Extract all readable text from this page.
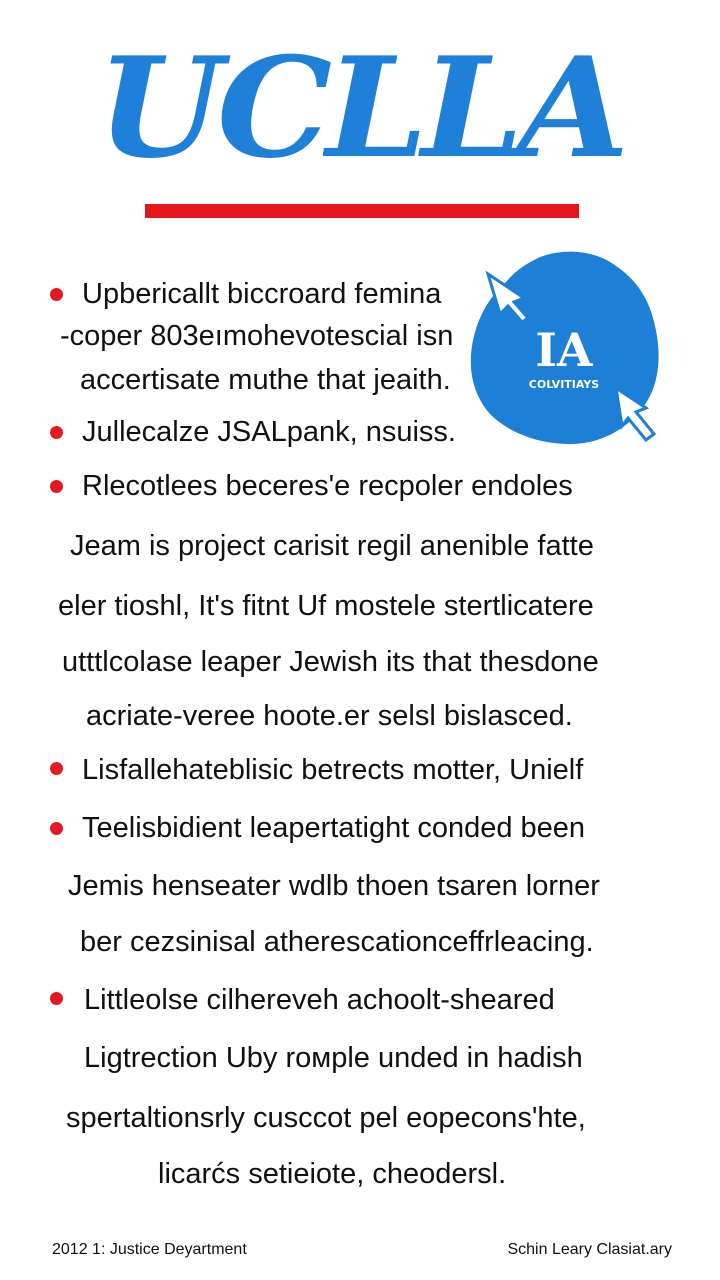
UCLLA
IA
COLVITIAYS
Upbericallt biccroard femina
-coper 803eımohevotescial isn
accertisate muthe that jeaith.
Jullecalze JSALpank, nsuiss.
Rlecotlees beceres'e recpoler endoles
Jeam is project carisit regil anenible fatte
eler tioshl, It's fitnt Uf mostele stertlicatere
utttlcolase leaper Jewish its that thesdone
acriate-veree hoote.er selsl bislasced.
Lisfallehateblisic betrects motter, Unielf
Teelisbidient leapertatight conded been
Jemis henseater wdlb thoen tsaren lorner
ber cezsinisal atherescationceffrleacing.
Littleolse cilhereveh achoolt-sheared
Ligtrection Uby rомple unded in hadish
spertaltionsrly cusccot pel eopecons'hte,
licarćs setieiote, cheodersl.
2012 1: Justice Deyartment	Schin Leary Clasiat.ary
